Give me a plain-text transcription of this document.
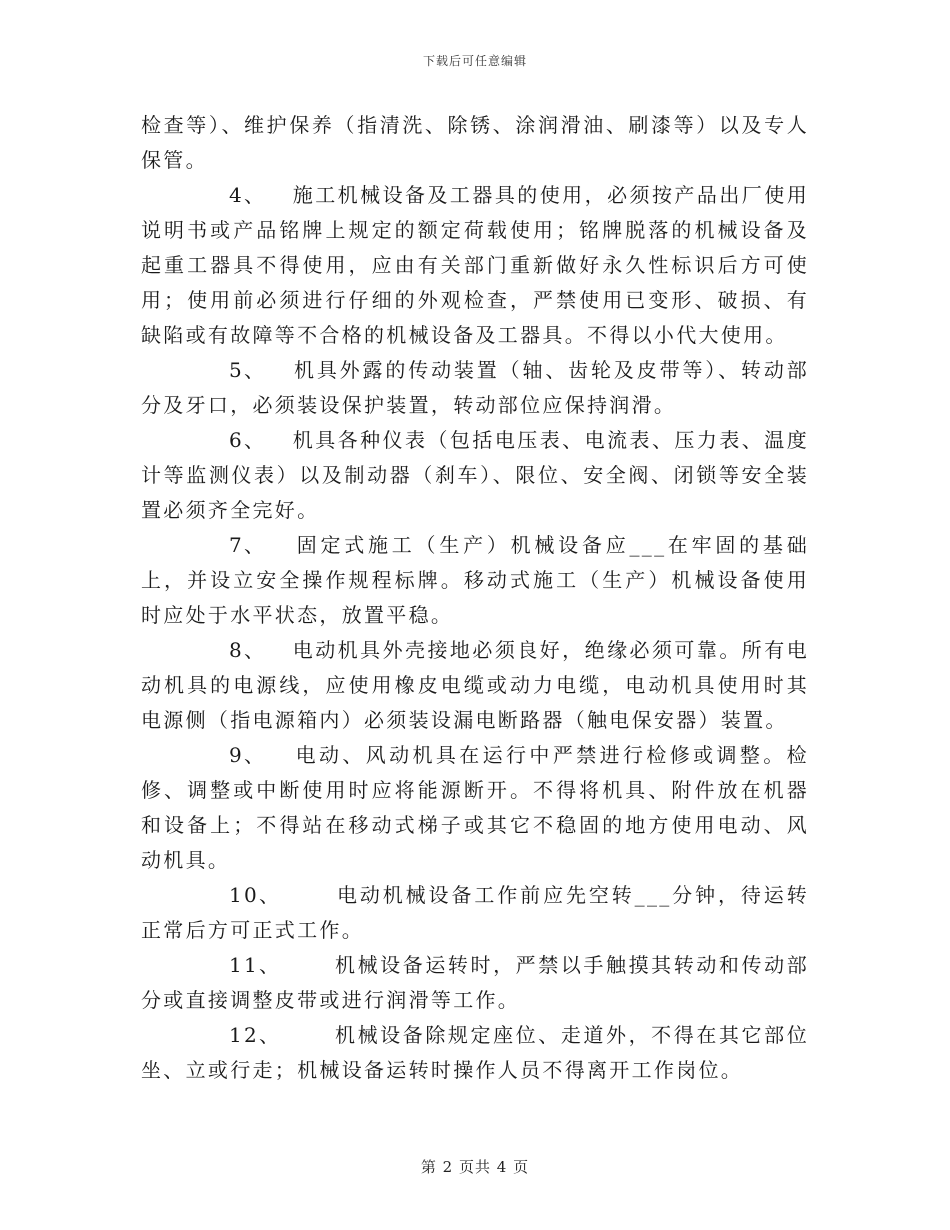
下载后可任意编辑

检查等）、维护保养（指清洗、除锈、涂润滑油、刷漆等）以及专人保管。

4、 施工机械设备及工器具的使用，必须按产品出厂使用说明书或产品铭牌上规定的额定荷载使用；铭牌脱落的机械设备及起重工器具不得使用，应由有关部门重新做好永久性标识后方可使用；使用前必须进行仔细的外观检查，严禁使用已变形、破损、有缺陷或有故障等不合格的机械设备及工器具。不得以小代大使用。

5、 机具外露的传动装置（轴、齿轮及皮带等）、转动部分及牙口，必须装设保护装置，转动部位应保持润滑。

6、 机具各种仪表（包括电压表、电流表、压力表、温度计等监测仪表）以及制动器（刹车）、限位、安全阀、闭锁等安全装置必须齐全完好。

7、 固定式施工（生产）机械设备应___在牢固的基础上，并设立安全操作规程标牌。移动式施工（生产）机械设备使用时应处于水平状态，放置平稳。

8、 电动机具外壳接地必须良好，绝缘必须可靠。所有电动机具的电源线，应使用橡皮电缆或动力电缆，电动机具使用时其电源侧（指电源箱内）必须装设漏电断路器（触电保安器）装置。

9、 电动、风动机具在运行中严禁进行检修或调整。检修、调整或中断使用时应将能源断开。不得将机具、附件放在机器和设备上；不得站在移动式梯子或其它不稳固的地方使用电动、风动机具。

10、	电动机械设备工作前应先空转___分钟，待运转正常后方可正式工作。

11、	机械设备运转时，严禁以手触摸其转动和传动部分或直接调整皮带或进行润滑等工作。

12、	机械设备除规定座位、走道外，不得在其它部位坐、立或行走；机械设备运转时操作人员不得离开工作岗位。

第 2 页共 4 页
